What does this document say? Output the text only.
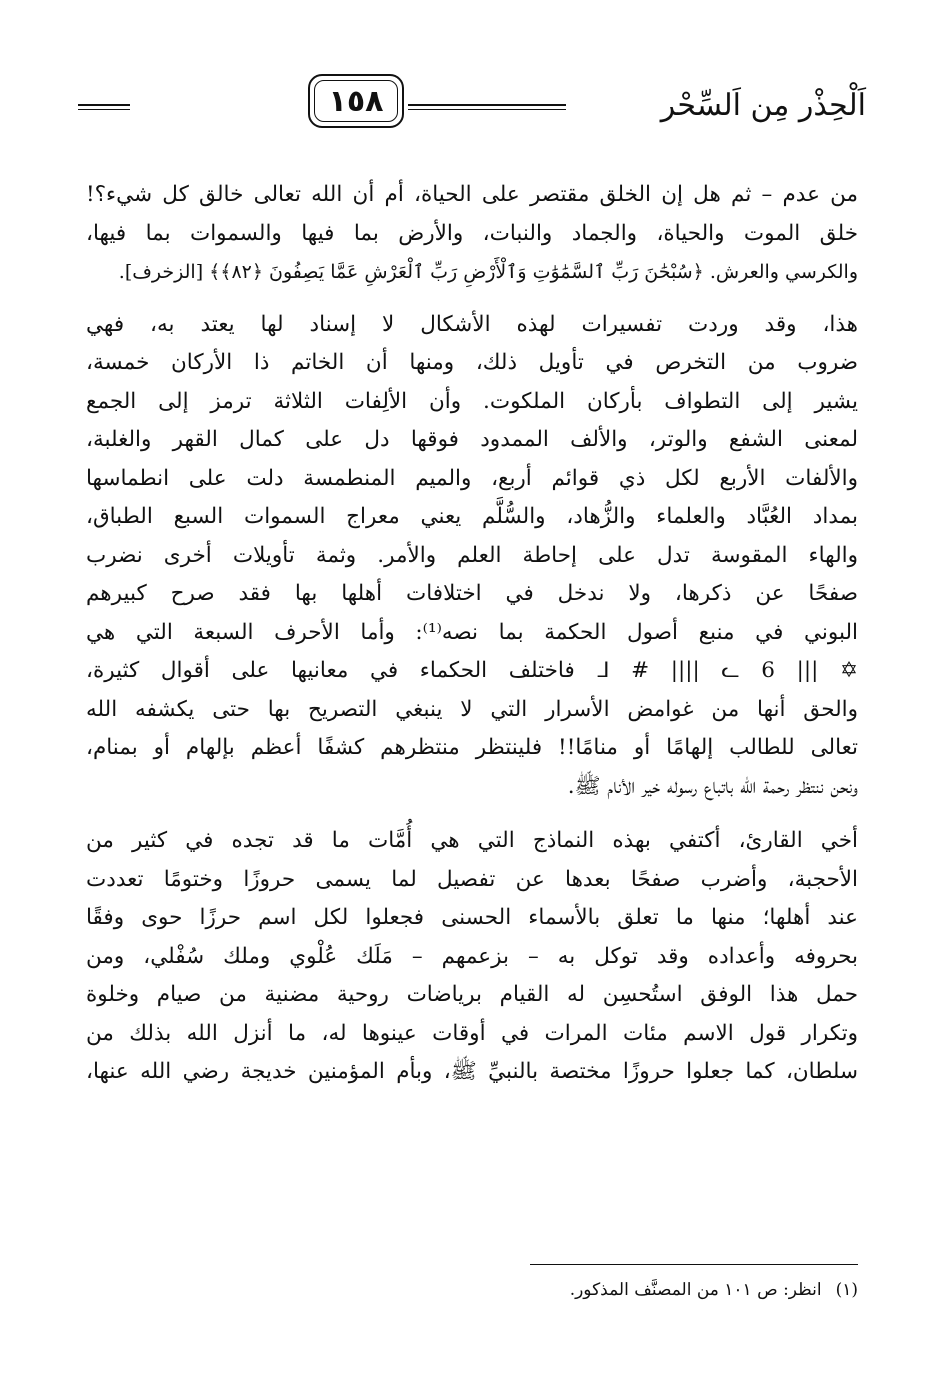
اَلْحِذْر مِن اَلسِّحْر
١٥٨

من عدم – ثم هل إن الخلق مقتصر على الحياة، أم أن الله تعالى خالق كل شيء؟!

خلق الموت والحياة، والجماد والنبات، والأرض بما فيها والسموات بما فيها،

والكرسي والعرش. ﴿سُبْحَٰنَ رَبِّ ٱلسَّمَٰوَٰتِ وَٱلْأَرْضِ رَبِّ ٱلْعَرْشِ عَمَّا يَصِفُونَ ﴿٨٢﴾﴾ [الزخرف].

هذا، وقد وردت تفسيرات لهذه الأشكال لا إسناد لها يعتد به، فهي

ضروب من التخرص في تأويل ذلك، ومنها أن الخاتم ذا الأركان خمسة،

يشير إلى التطواف بأركان الملكوت. وأن الألِفات الثلاثة ترمز إلى الجمع

لمعنى الشفع والوتر، والألف الممدود فوقها دل على كمال القهر والغلبة،

والألفات الأربع لكل ذي قوائم أربع، والميم المنطمسة دلت على انطماسها

بمداد العُبَّاد والعلماء والزُّهاد، والسُّلَّم يعني معراج السموات السبع الطباق،

والهاء المقوسة تدل على إحاطة العلم والأمر. وثمة تأويلات أخرى نضرب

صفحًا عن ذكرها، ولا ندخل في اختلافات أهلها بها فقد صرح كبيرهم

البوني في منبع أصول الحكمة بما نصه⁽¹⁾: وأما الأحرف السبعة التي هي

✡ ||| ᒧ # |||| ᓚ 6 فاختلف الحكماء في معانيها على أقوال كثيرة،

والحق أنها من غوامض الأسرار التي لا ينبغي التصريح بها حتى يكشفه الله

تعالى للطالب إلهامًا أو منامًا!! فلينتظر منتظرهم كشفًا أعظم بإلهام أو بمنام،

ونحن ننتظر رحمة الله باتباع رسوله خير الأنام ﷺ.

أخي القارئ، أكتفي بهذه النماذج التي هي أُمَّات ما قد تجده في كثير من

الأحجبة، وأضرب صفحًا بعدها عن تفصيل لما يسمى حروزًا وختومًا تعددت

عند أهلها؛ منها ما تعلق بالأسماء الحسنى فجعلوا لكل اسم حرزًا حوى وفقًا

بحروفه وأعداده وقد توكل به – بزعمهم – مَلَك عُلْوي وملك سُفْلي، ومن

حمل هذا الوفق استُحسِن له القيام برياضات روحية مضنية من صيام وخلوة

وتكرار قول الاسم مئات المرات في أوقات عينوها له، ما أنزل الله بذلك من

سلطان، كما جعلوا حروزًا مختصة بالنبيِّ ﷺ، وبأم المؤمنين خديجة رضي الله عنها،

(١)انظر: ص ١٠١ من المصنَّف المذكور.
